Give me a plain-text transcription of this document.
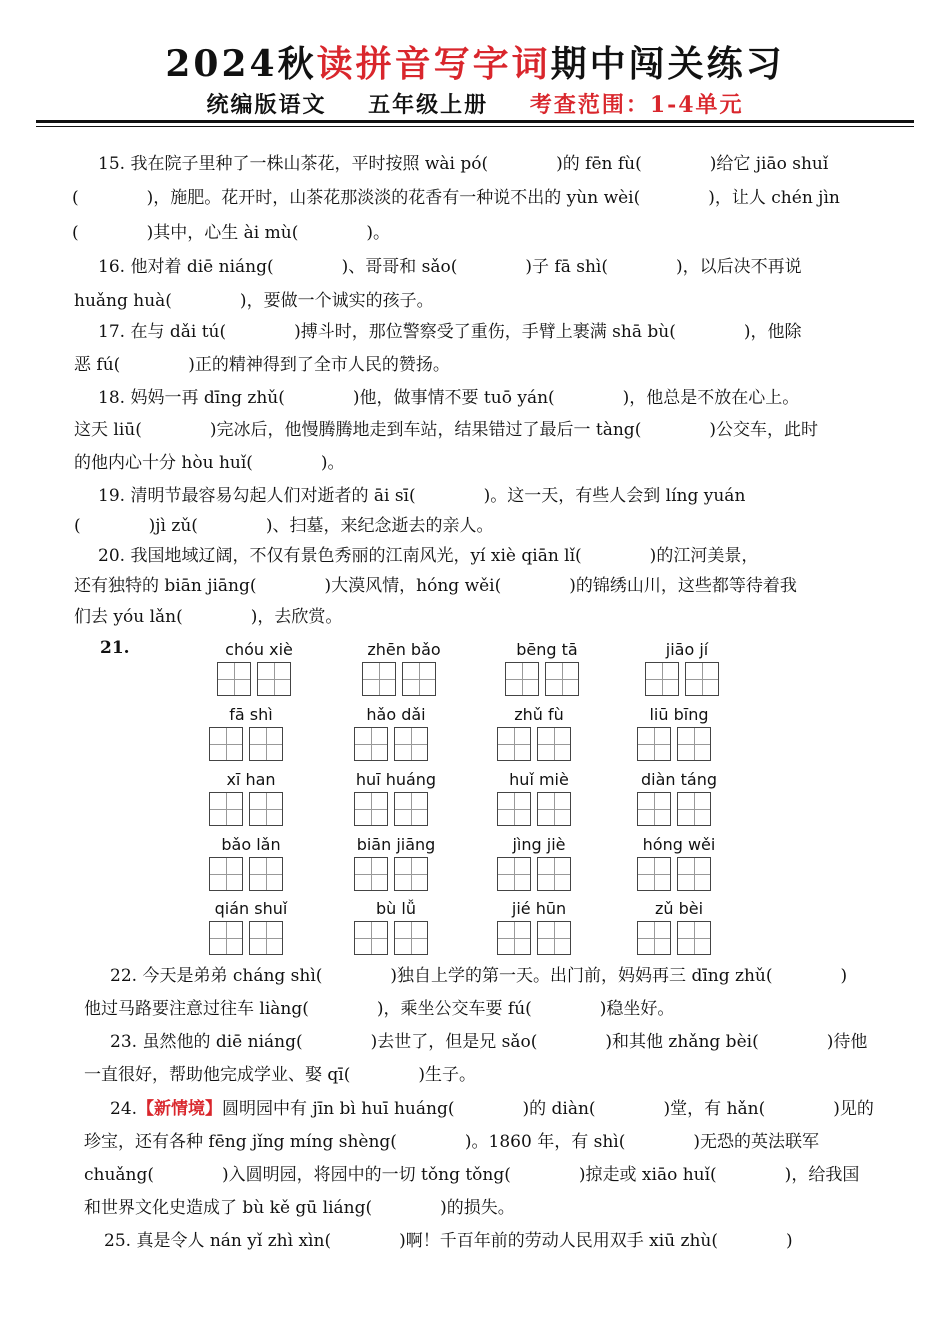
2024秋读拼音写字词期中闯关练习
统编版语文 五年级上册 考查范围：1-4单元
15. 我在院子里种了一株山茶花，平时按照 wài pó(　　　　)的 fēn fù(　　　　)给它 jiāo shuǐ
(　　　　)，施肥。花开时，山茶花那淡淡的花香有一种说不出的 yùn wèi(　　　　)，让人 chén jìn
(　　　　)其中，心生 ài mù(　　　　)。
16. 他对着 diē niáng(　　　　)、哥哥和 sǎo(　　　　)子 fā shì(　　　　)，以后决不再说
huǎng huà(　　　　)，要做一个诚实的孩子。
17. 在与 dǎi tú(　　　　)搏斗时，那位警察受了重伤，手臂上裹满 shā bù(　　　　)，他除
恶 fú(　　　　)正的精神得到了全市人民的赞扬。
18. 妈妈一再 dīng zhǔ(　　　　)他，做事情不要 tuō yán(　　　　)，他总是不放在心上。
这天 liū(　　　　)完冰后，他慢腾腾地走到车站，结果错过了最后一 tàng(　　　　)公交车，此时
的他内心十分 hòu huǐ(　　　　)。
19. 清明节最容易勾起人们对逝者的 āi sī(　　　　)。这一天，有些人会到 líng yuán
(　　　　)jì zǔ(　　　　)、扫墓，来纪念逝去的亲人。
20. 我国地域辽阔，不仅有景色秀丽的江南风光，yí xiè qiān lǐ(　　　　)的江河美景，
还有独特的 biān jiāng(　　　　)大漠风情，hóng wěi(　　　　)的锦绣山川，这些都等待着我
们去 yóu lǎn(　　　　)，去欣赏。
22. 今天是弟弟 cháng shì(　　　　)独自上学的第一天。出门前，妈妈再三 dīng zhǔ(　　　　)
他过马路要注意过往车 liàng(　　　　)，乘坐公交车要 fú(　　　　)稳坐好。
23. 虽然他的 diē niáng(　　　　)去世了，但是兄 sǎo(　　　　)和其他 zhǎng bèi(　　　　)待他
一直很好，帮助他完成学业、娶 qī(　　　　)生子。
珍宝，还有各种 fēng jǐng míng shèng(　　　　)。1860 年，有 shì(　　　　)无恐的英法联军
chuǎng(　　　　)入圆明园，将园中的一切 tǒng tǒng(　　　　)掠走或 xiāo huǐ(　　　　)，给我国
和世界文化史造成了 bù kě gū liáng(　　　　)的损失。
25. 真是令人 nán yǐ zhì xìn(　　　　)啊！千百年前的劳动人民用双手 xiū zhù(　　　　)
24.【新情境】圆明园中有 jīn bì huī huáng(　　　　)的 diàn(　　　　)堂，有 hǎn(　　　　)见的
21.	chóu xiè	zhēn bǎo	bēng tā	jiāo jí
fā shì	hǎo dǎi	zhǔ fù	liū bīng
xī han	huī huáng	huǐ miè	diàn táng
bǎo lǎn	biān jiāng	jìng jiè	hóng wěi
qián shuǐ	bù lǚ	jié hūn	zǔ bèi
